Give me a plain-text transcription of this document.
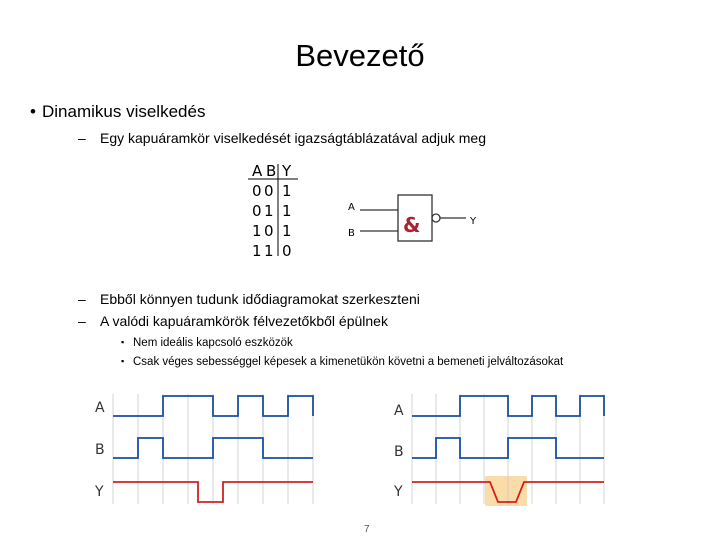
Bevezető
• Dinamikus viselkedés
– Egy kapuáramkör viselkedését igazságtáblázatával adjuk meg
A B Y
0 0 1
0 1 1
1 0 1
1 1 0
A
B
Y
&
– Ebből könnyen tudunk idődiagramokat szerkeszteni
– A valódi kapuáramkörök félvezetőkből épülnek
▪ Nem ideális kapcsoló eszközök
▪ Csak véges sebességgel képesek a kimenetükön követni a bemeneti jelváltozásokat
A
B
Y
A
B
Y
7
